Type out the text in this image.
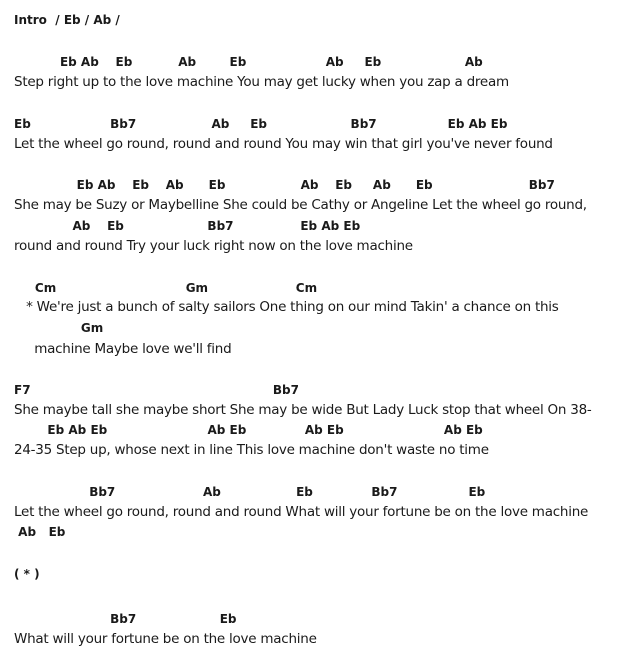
Intro  / Eb / Ab /
Eb Ab    Eb           Ab        Eb                   Ab     Eb                    Ab
Step right up to the love machine You may get lucky when you zap a dream
Eb                   Bb7                  Ab     Eb                    Bb7                 Eb Ab Eb
Let the wheel go round, round and round You may win that girl you've never found
Eb Ab    Eb    Ab      Eb                  Ab    Eb     Ab      Eb                       Bb7
She may be Suzy or Maybelline She could be Cathy or Angeline Let the wheel go round,
Ab    Eb                    Bb7                Eb Ab Eb
round and round Try your luck right now on the love machine
Cm                               Gm                     Cm
* We're just a bunch of salty sailors One thing on our mind Takin' a chance on this
Gm
machine Maybe love we'll find
F7                                                          Bb7
She maybe tall she maybe short She may be wide But Lady Luck stop that wheel On 38-
Eb Ab Eb                        Ab Eb              Ab Eb                        Ab Eb
24-35 Step up, whose next in line This love machine don't waste no time
Bb7                     Ab                  Eb              Bb7                 Eb
Let the wheel go round, round and round What will your fortune be on the love machine
Ab   Eb
( * )
Bb7                    Eb
What will your fortune be on the love machine
